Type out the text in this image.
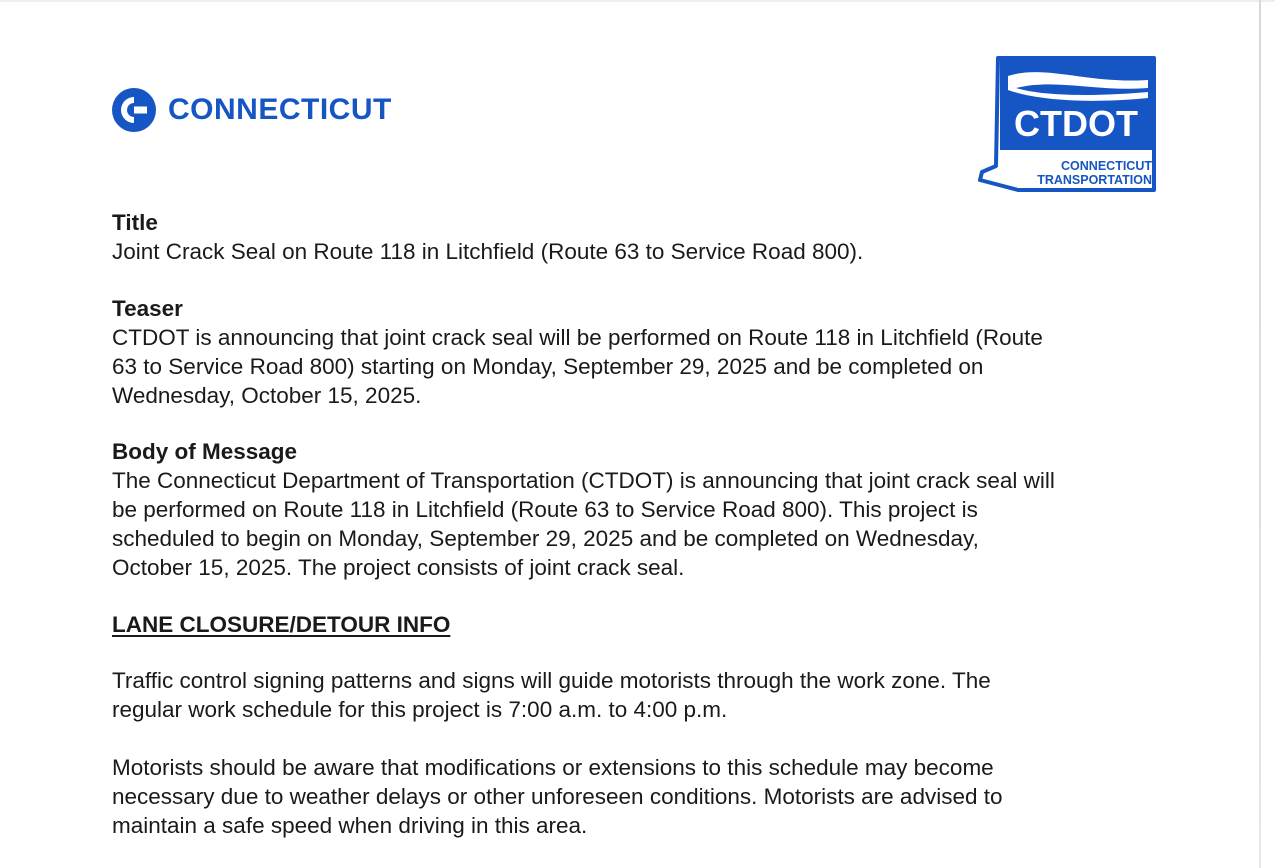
CONNECTICUT	CTDOT
CONNECTICUT
TRANSPORTATION

Title

Joint Crack Seal on Route 118 in Litchfield (Route 63 to Service Road 800).

Teaser

CTDOT is announcing that joint crack seal will be performed on Route 118 in Litchfield (Route

63 to Service Road 800) starting on Monday, September 29, 2025 and be completed on

Wednesday, October 15, 2025.

Body of Message

The Connecticut Department of Transportation (CTDOT) is announcing that joint crack seal will

be performed on Route 118 in Litchfield (Route 63 to Service Road 800). This project is

scheduled to begin on Monday, September 29, 2025 and be completed on Wednesday,

October 15, 2025. The project consists of joint crack seal.

LANE CLOSURE/DETOUR INFO

Traffic control signing patterns and signs will guide motorists through the work zone. The

regular work schedule for this project is 7:00 a.m. to 4:00 p.m.

Motorists should be aware that modifications or extensions to this schedule may become

necessary due to weather delays or other unforeseen conditions. Motorists are advised to

maintain a safe speed when driving in this area.
